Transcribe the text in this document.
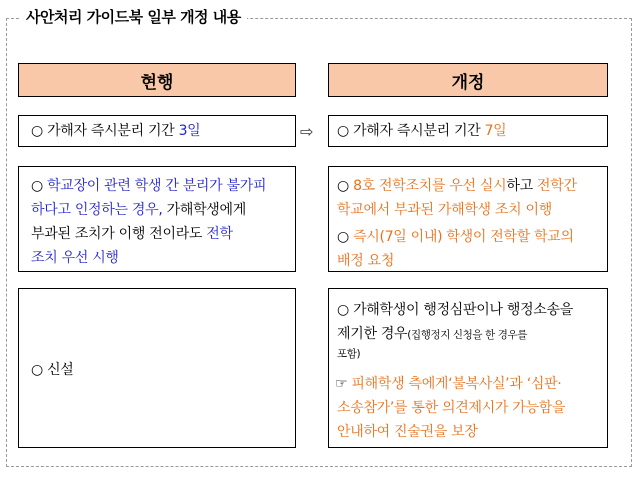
사안처리 가이드북 일부 개정 내용
현행	개정
○ 가해자 즉시분리 기간 3일	⇨ ○ 가해자 즉시분리 기간 7일
○ 학교장이 관련 학생 간 분리가 불가피
하다고 인정하는 경우, 가해학생에게
부과된 조치가 이행 전이라도 전학
조치 우선 시행
○ 8호 전학조치를 우선 실시하고 전학간
학교에서 부과된 가해학생 조치 이행
○ 즉시(7일 이내) 학생이 전학할 학교의
배정 요청
○ 신설
○ 가해학생이 행정심판이나 행정소송을
제기한 경우(집행정지 신청을 한 경우를
포함)
☞ 피해학생 측에게‘불복사실’과 ‘심판·
소송참가’를 통한 의견제시가 가능함을
안내하여 진술권을 보장
